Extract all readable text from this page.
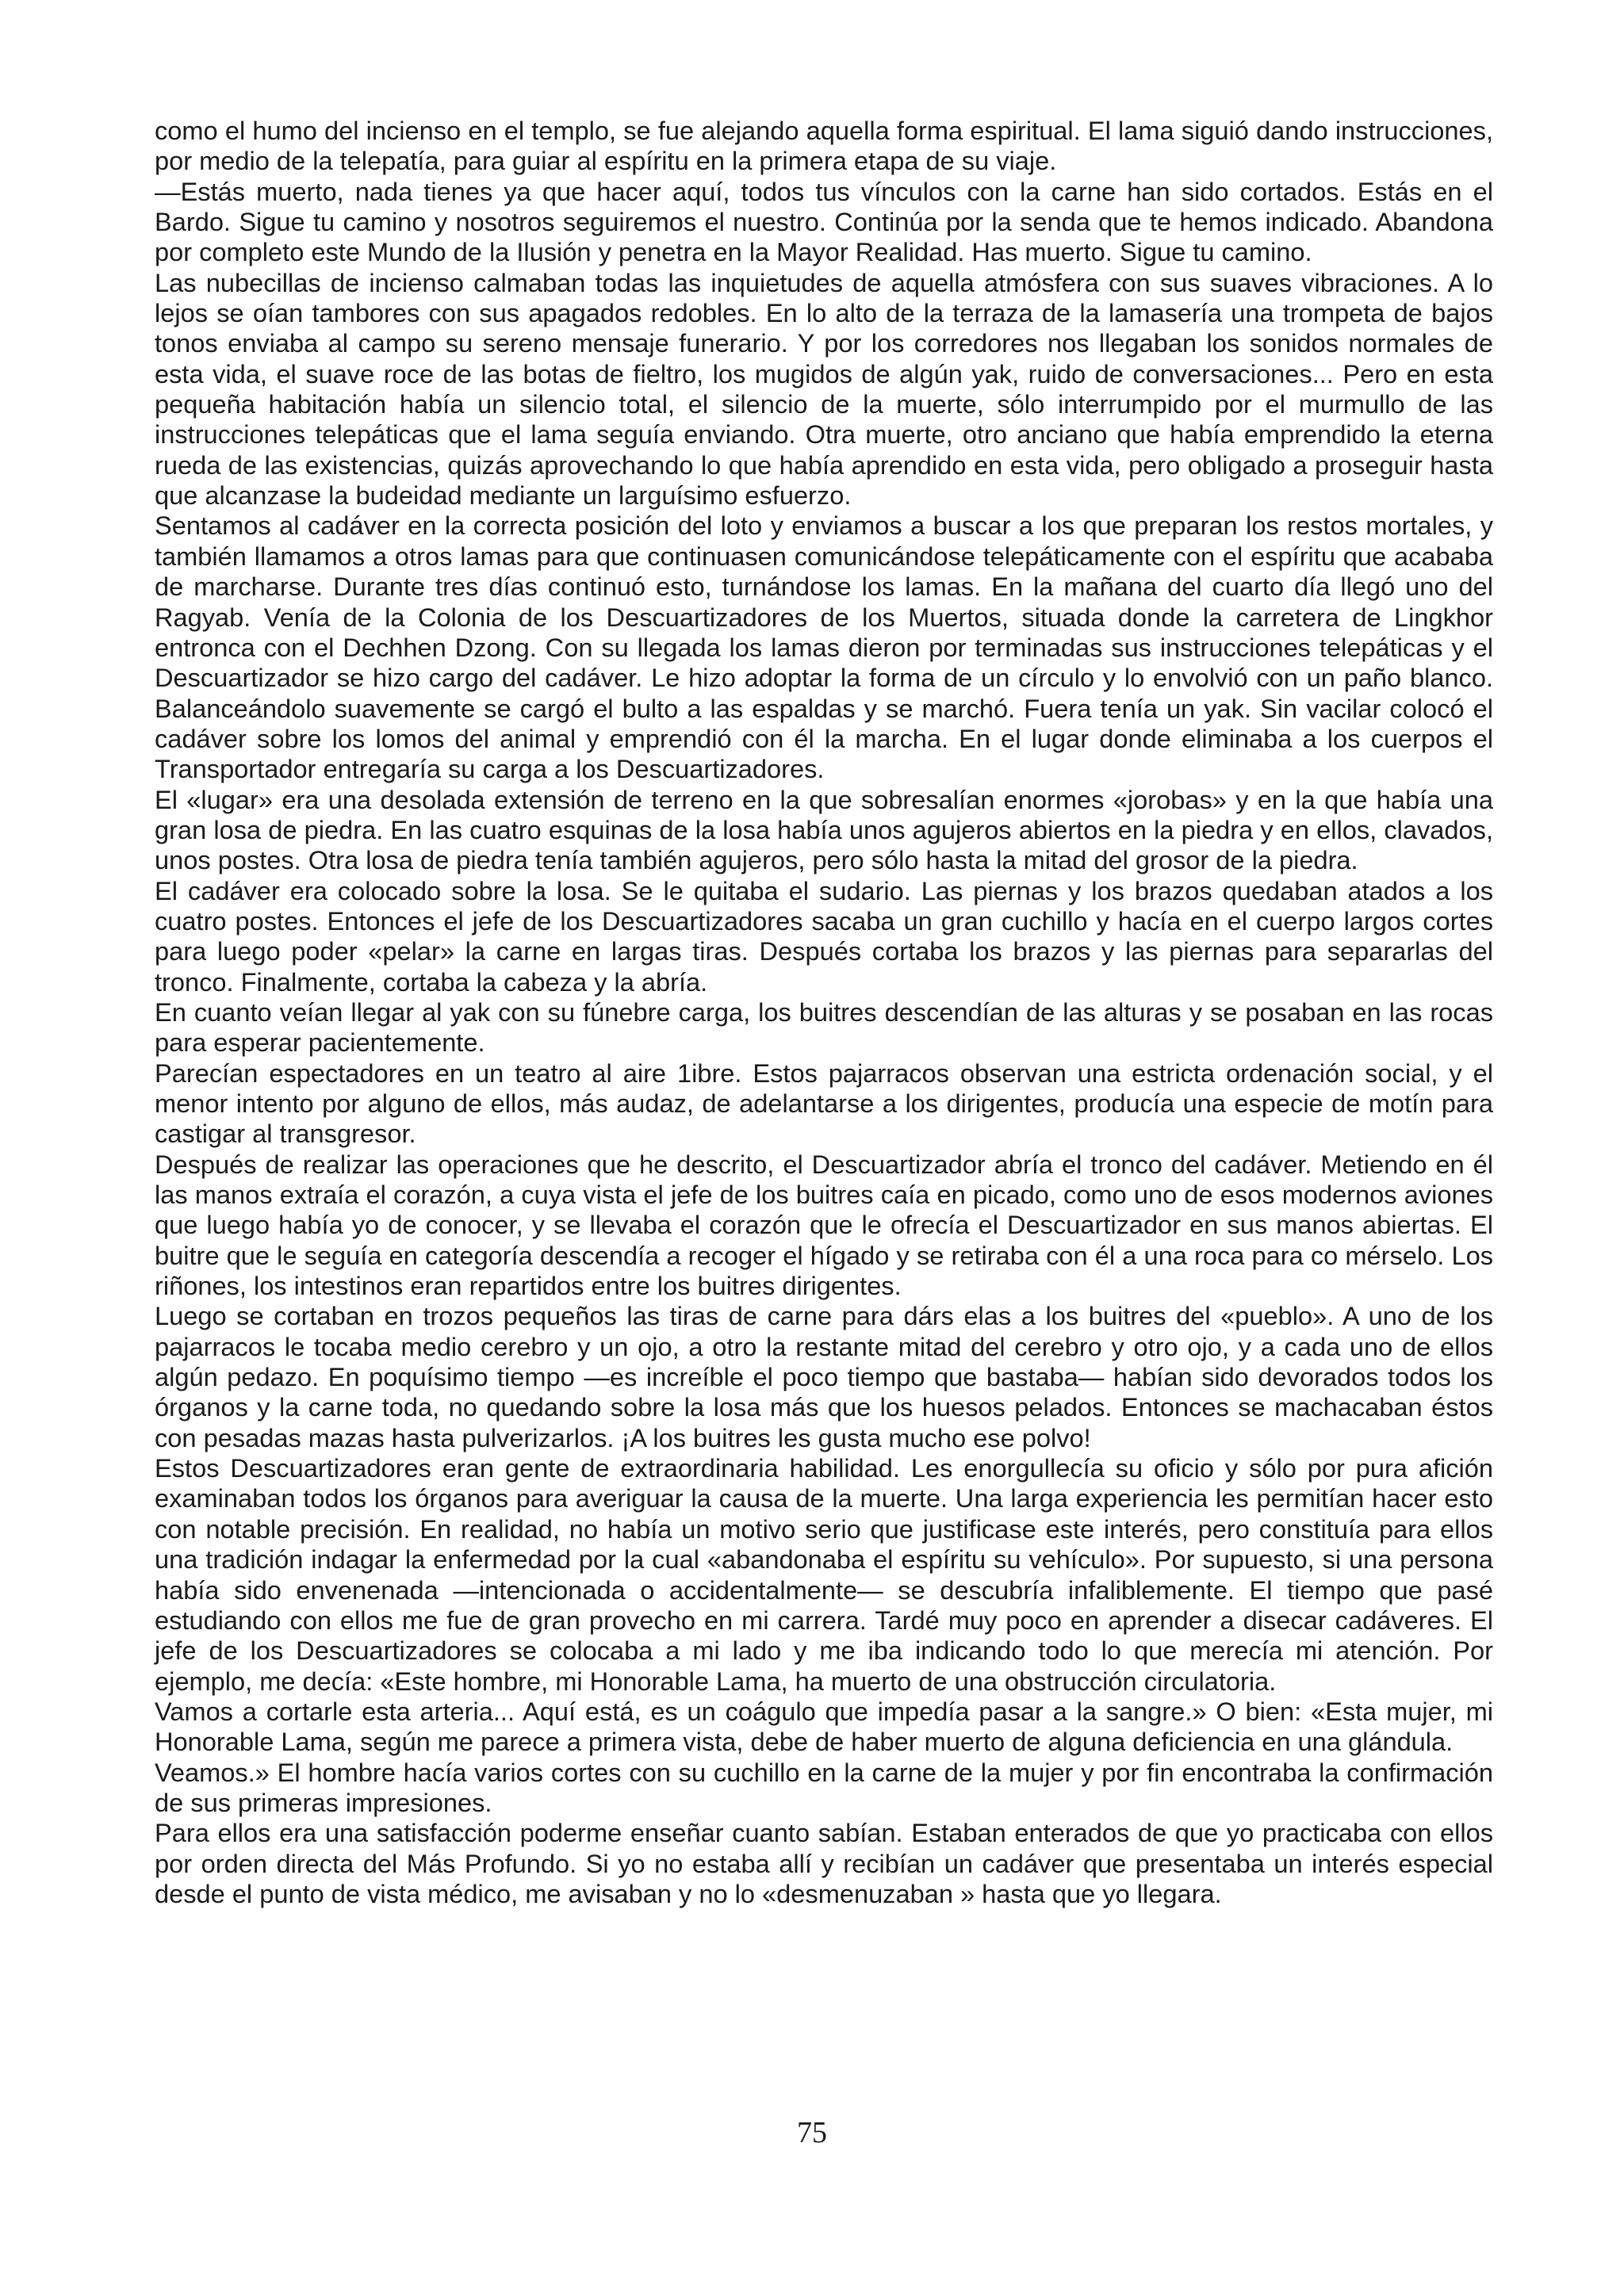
como el humo del incienso en el templo, se fue alejando aquella forma espiritual. El lama siguió dando instrucciones, por medio de la telepatía, para guiar al espíritu en la primera etapa de su viaje.

—Estás muerto, nada tienes ya que hacer aquí, todos tus vínculos con la carne han sido cortados. Estás en el Bardo. Sigue tu camino y nosotros seguiremos el nuestro. Continúa por la senda que te hemos indicado. Abandona por completo este Mundo de la Ilusión y penetra en la Mayor Realidad. Has muerto. Sigue tu camino.

Las nubecillas de incienso calmaban todas las inquietudes de aquella atmósfera con sus suaves vibraciones. A lo lejos se oían tambores con sus apagados redobles. En lo alto de la terraza de la lamasería una trompeta de bajos tonos enviaba al campo su sereno mensaje funerario. Y por los corredores nos llegaban los sonidos normales de esta vida, el suave roce de las botas de fieltro, los mugidos de algún yak, ruido de conversaciones... Pero en esta pequeña habitación había un silencio total, el silencio de la muerte, sólo interrumpido por el murmullo de las instrucciones telepáticas que el lama seguía enviando. Otra muerte, otro anciano que había emprendido la eterna rueda de las existencias, quizás aprovechando lo que había aprendido en esta vida, pero obligado a proseguir hasta que alcanzase la budeidad mediante un larguísimo esfuerzo.

Sentamos al cadáver en la correcta posición del loto y enviamos a buscar a los que preparan los restos mortales, y también llamamos a otros lamas para que continuasen comunicándose telepáticamente con el espíritu que acababa de marcharse. Durante tres días continuó esto, turnándose los lamas. En la mañana del cuarto día llegó uno del Ragyab. Venía de la Colonia de los Descuartizadores de los Muertos, situada donde la carretera de Lingkhor entronca con el Dechhen Dzong. Con su llegada los lamas dieron por terminadas sus instrucciones telepáticas y el Descuartizador se hizo cargo del cadáver. Le hizo adoptar la forma de un círculo y lo envolvió con un paño blanco. Balanceándolo suavemente se cargó el bulto a las espaldas y se marchó. Fuera tenía un yak. Sin vacilar colocó el cadáver sobre los lomos del animal y emprendió con él la marcha. En el lugar donde eliminaba a los cuerpos el Transportador entregaría su carga a los Descuartizadores.

El «lugar» era una desolada extensión de terreno en la que sobresalían enormes «jorobas» y en la que había una gran losa de piedra. En las cuatro esquinas de la losa había unos agujeros abiertos en la piedra y en ellos, clavados, unos postes. Otra losa de piedra tenía también agujeros, pero sólo hasta la mitad del grosor de la piedra.

El cadáver era colocado sobre la losa. Se le quitaba el sudario. Las piernas y los brazos quedaban atados a los cuatro postes. Entonces el jefe de los Descuartizadores sacaba un gran cuchillo y hacía en el cuerpo largos cortes para luego poder «pelar» la carne en largas tiras. Después cortaba los brazos y las piernas para separarlas del tronco. Finalmente, cortaba la cabeza y la abría.

En cuanto veían llegar al yak con su fúnebre carga, los buitres descendían de las alturas y se posaban en las rocas para esperar pacientemente.

Parecían espectadores en un teatro al aire 1ibre. Estos pajarracos observan una estricta ordenación social, y el menor intento por alguno de ellos, más audaz, de adelantarse a los dirigentes, producía una especie de motín para castigar al transgresor.

Después de realizar las operaciones que he descrito, el Descuartizador abría el tronco del cadáver. Metiendo en él las manos extraía el corazón, a cuya vista el jefe de los buitres caía en picado, como uno de esos modernos aviones que luego había yo de conocer, y se llevaba el corazón que le ofrecía el Descuartizador en sus manos abiertas. El buitre que le seguía en categoría descendía a recoger el hígado y se retiraba con él a una roca para co mérselo. Los riñones, los intestinos eran repartidos entre los buitres dirigentes.

Luego se cortaban en trozos pequeños las tiras de carne para dárs elas a los buitres del «pueblo». A uno de los pajarracos le tocaba medio cerebro y un ojo, a otro la restante mitad del cerebro y otro ojo, y a cada uno de ellos algún pedazo. En poquísimo tiempo —es increíble el poco tiempo que bastaba— habían sido devorados todos los órganos y la carne toda, no quedando sobre la losa más que los huesos pelados. Entonces se machacaban éstos con pesadas mazas hasta pulverizarlos. ¡A los buitres les gusta mucho ese polvo!

Estos Descuartizadores eran gente de extraordinaria habilidad. Les enorgullecía su oficio y sólo por pura afición examinaban todos los órganos para averiguar la causa de la muerte. Una larga experiencia les permitían hacer esto con notable precisión. En realidad, no había un motivo serio que justificase este interés, pero constituía para ellos una tradición indagar la enfermedad por la cual «abandonaba el espíritu su vehículo». Por supuesto, si una persona había sido envenenada —intencionada o accidentalmente— se descubría infaliblemente. El tiempo que pasé estudiando con ellos me fue de gran provecho en mi carrera. Tardé muy poco en aprender a disecar cadáveres. El jefe de los Descuartizadores se colocaba a mi lado y me iba indicando todo lo que merecía mi atención. Por ejemplo, me decía: «Este hombre, mi Honorable Lama, ha muerto de una obstrucción circulatoria.

Vamos a cortarle esta arteria... Aquí está, es un coágulo que impedía pasar a la sangre.» O bien: «Esta mujer, mi Honorable Lama, según me parece a primera vista, debe de haber muerto de alguna deficiencia en una glándula.

Veamos.» El hombre hacía varios cortes con su cuchillo en la carne de la mujer y por fin encontraba la confirmación de sus primeras impresiones.

Para ellos era una satisfacción poderme enseñar cuanto sabían. Estaban enterados de que yo practicaba con ellos por orden directa del Más Profundo. Si yo no estaba allí y recibían un cadáver que presentaba un interés especial desde el punto de vista médico, me avisaban y no lo «desmenuzaban » hasta que yo llegara.

75
